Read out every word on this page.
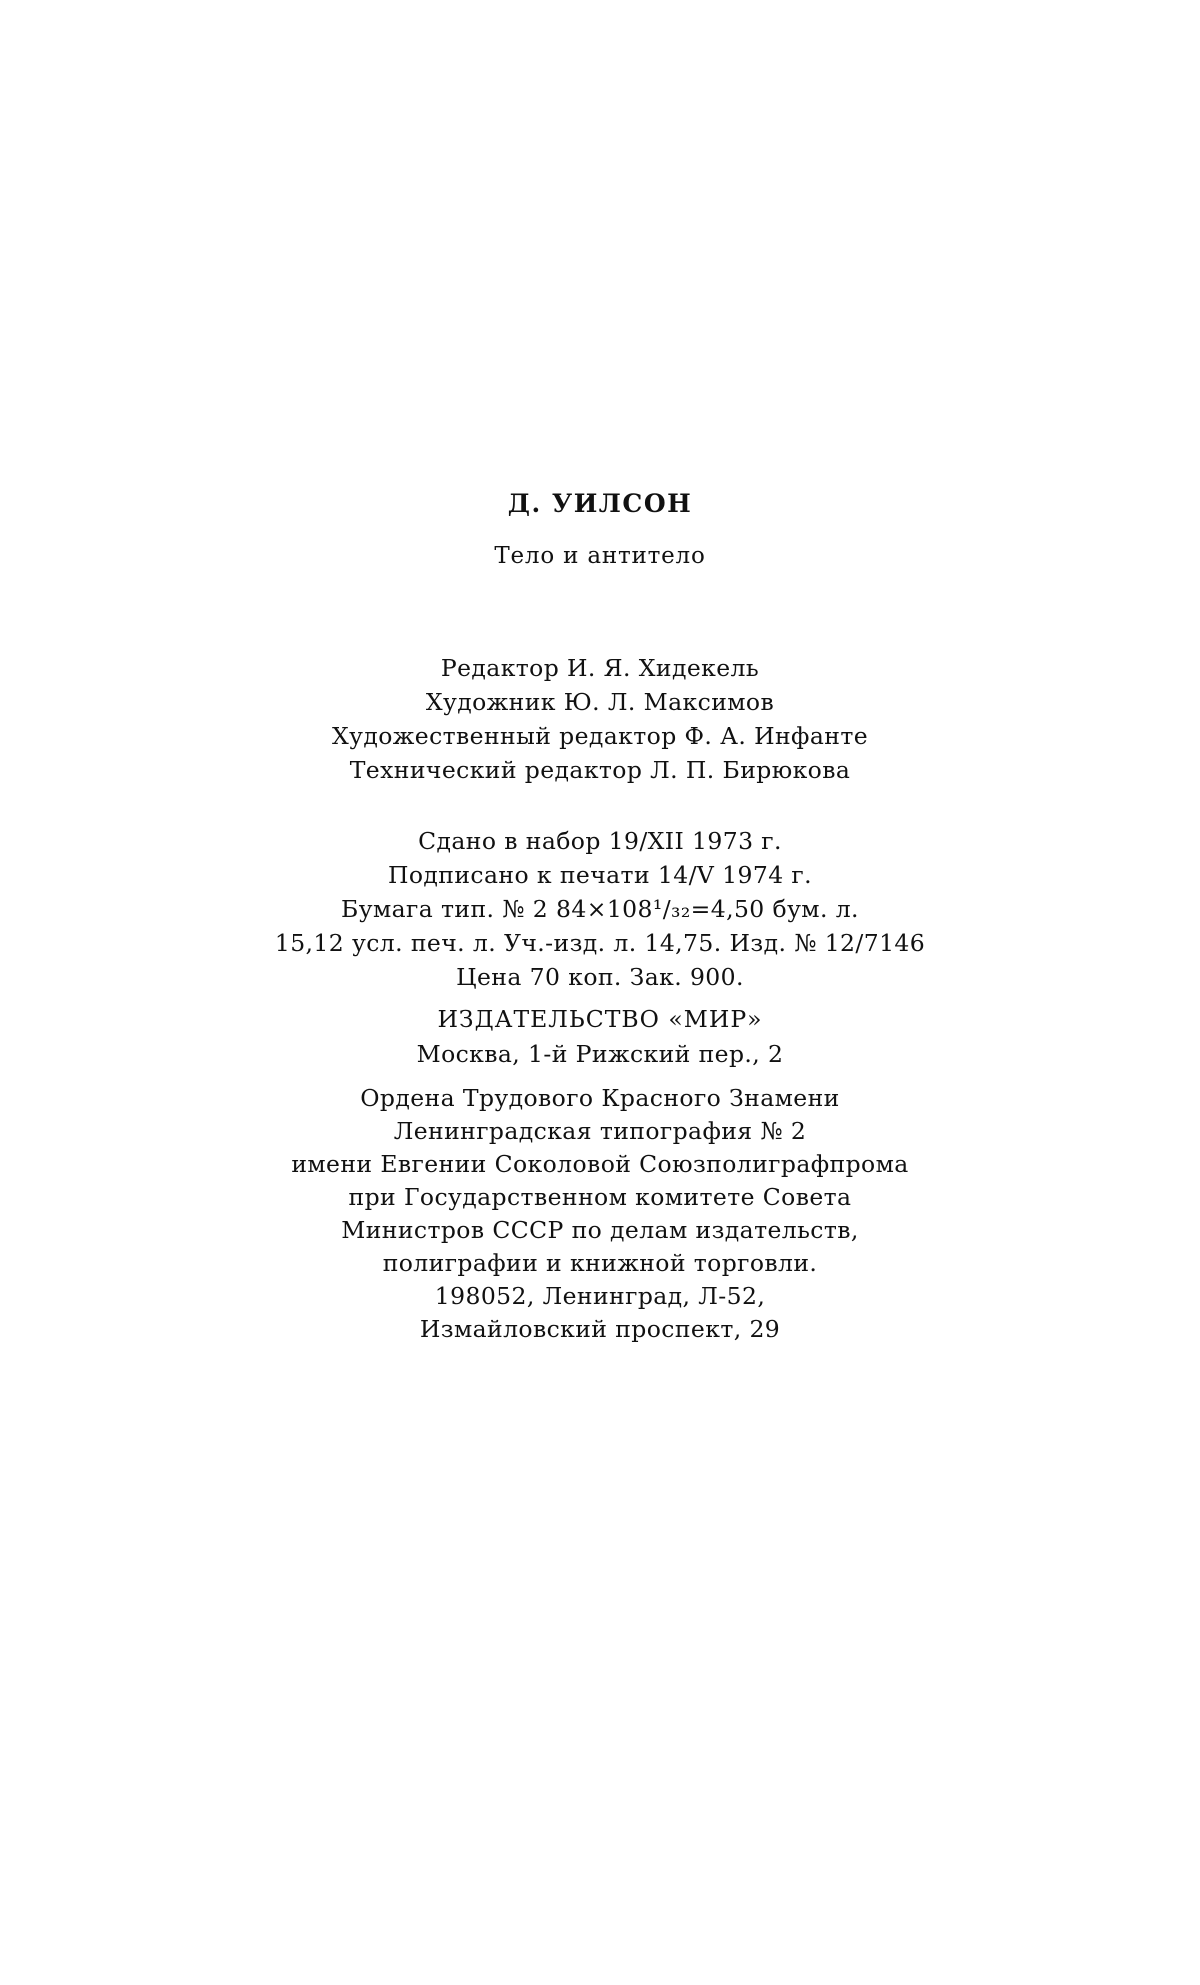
Д. УИЛСОН
Тело и антитело
Редактор И. Я. Хидекель
Художник Ю. Л. Максимов
Художественный редактор Ф. А. Инфанте
Технический редактор Л. П. Бирюкова
Сдано в набор 19/XII 1973 г.
Подписано к печати 14/V 1974 г.
Бумага тип. № 2 84×108¹/₃₂=4,50 бум. л.
15,12 усл. печ. л. Уч.-изд. л. 14,75. Изд. № 12/7146
Цена 70 коп. Зак. 900.
ИЗДАТЕЛЬСТВО «МИР»
Москва, 1-й Рижский пер., 2
Ордена Трудового Красного Знамени
Ленинградская типография № 2
имени Евгении Соколовой Союзполиграфпрома
при Государственном комитете Совета
Министров СССР по делам издательств,
полиграфии и книжной торговли.
198052, Ленинград, Л-52,
Измайловский проспект, 29
